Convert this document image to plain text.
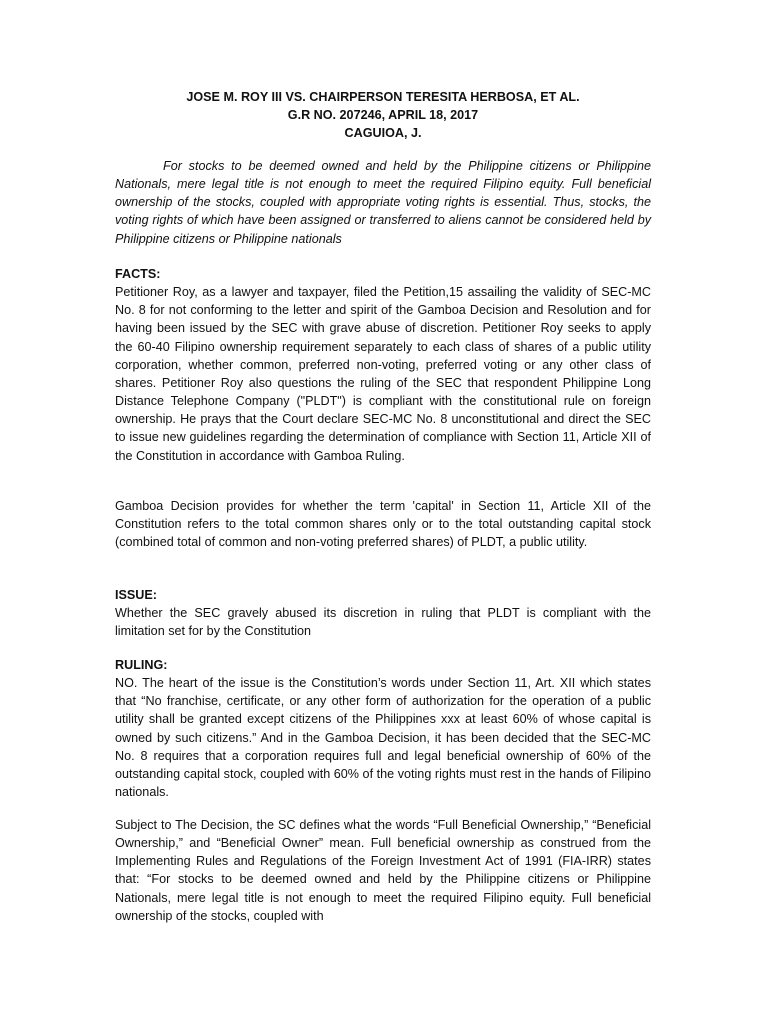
JOSE M. ROY III VS. CHAIRPERSON TERESITA HERBOSA, ET AL.
G.R NO. 207246, APRIL 18, 2017
CAGUIOA, J.

For stocks to be deemed owned and held by the Philippine citizens or Philippine Nationals, mere legal title is not enough to meet the required Filipino equity. Full beneficial ownership of the stocks, coupled with appropriate voting rights is essential. Thus, stocks, the voting rights of which have been assigned or transferred to aliens cannot be considered held by Philippine citizens or Philippine nationals

FACTS:

Petitioner Roy, as a lawyer and taxpayer, filed the Petition,15 assailing the validity of SEC-MC No. 8 for not conforming to the letter and spirit of the Gamboa Decision and Resolution and for having been issued by the SEC with grave abuse of discretion. Petitioner Roy seeks to apply the 60-40 Filipino ownership requirement separately to each class of shares of a public utility corporation, whether common, preferred non-voting, preferred voting or any other class of shares. Petitioner Roy also questions the ruling of the SEC that respondent Philippine Long Distance Telephone Company ("PLDT") is compliant with the constitutional rule on foreign ownership. He prays that the Court declare SEC-MC No. 8 unconstitutional and direct the SEC to issue new guidelines regarding the determination of compliance with Section 11, Article XII of the Constitution in accordance with Gamboa Ruling.

Gamboa Decision provides for whether the term 'capital' in Section 11, Article XII of the Constitution refers to the total common shares only or to the total outstanding capital stock (combined total of common and non-voting preferred shares) of PLDT, a public utility.

ISSUE:

Whether the SEC gravely abused its discretion in ruling that PLDT is compliant with the limitation set for by the Constitution

RULING:

NO. The heart of the issue is the Constitution’s words under Section 11, Art. XII which states that “No franchise, certificate, or any other form of authorization for the operation of a public utility shall be granted except citizens of the Philippines xxx at least 60% of whose capital is owned by such citizens.” And in the Gamboa Decision, it has been decided that the SEC-MC No. 8 requires that a corporation requires full and legal beneficial ownership of 60% of the outstanding capital stock, coupled with 60% of the voting rights must rest in the hands of Filipino nationals.

Subject to The Decision, the SC defines what the words “Full Beneficial Ownership,” “Beneficial Ownership,” and “Beneficial Owner” mean. Full beneficial ownership as construed from the Implementing Rules and Regulations of the Foreign Investment Act of 1991 (FIA-IRR) states that: “For stocks to be deemed owned and held by the Philippine citizens or Philippine Nationals, mere legal title is not enough to meet the required Filipino equity. Full beneficial ownership of the stocks, coupled with
